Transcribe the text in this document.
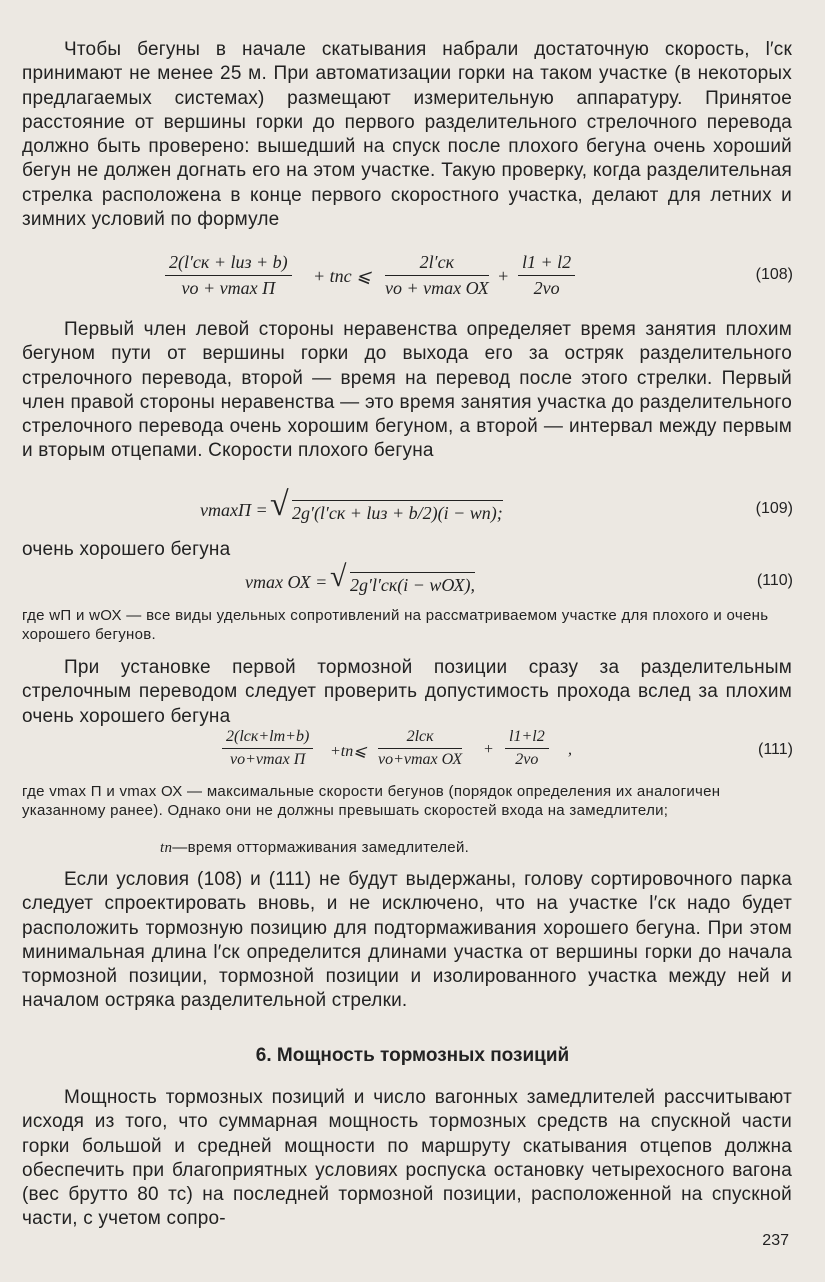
Чтобы бегуны в начале скатывания набрали достаточную скорость, l′ск принимают не менее 25 м. При автоматизации горки на таком участке (в некоторых предлагаемых системах) размещают измерительную аппаратуру. Принятое расстояние от вершины горки до первого разделительного стрелочного перевода должно быть проверено: вышедший на спуск после плохого бегуна очень хороший бегун не должен догнать его на этом участке. Такую проверку, когда разделительная стрелка расположена в конце первого скоростного участка, делают для летних и зимних условий по формуле

2(l′ск + lиз + b)
vо + vmax П
+ tпс ⩽
2l′ск
vо + vmax ОХ
+
l1 + l2
2vо
(108)

Первый член левой стороны неравенства определяет время занятия плохим бегуном пути от вершины горки до выхода его за остряк разделительного стрелочного перевода, второй — время на перевод после этого стрелки. Первый член правой стороны неравенства — это время занятия участка до разделительного стрелочного перевода очень хорошим бегуном, а второй — интервал между первым и вторым отцепами. Скорости плохого бегуна

vmaxП = √ 2g′(l′ск + lиз + b/2)(i − wп);	(109)

очень хорошего бегуна

vmax ОХ = √ 2g′l′ск(i − wОХ),	(110)
где wП и wОХ — все виды удельных сопротивлений на рассматриваемом участке для плохого и очень хорошего бегунов.

При установке первой тормозной позиции сразу за разделительным стрелочным переводом следует проверить допустимость прохода вслед за плохим очень хорошего бегуна

2(lск+lт+b)
vо+vmax П	+tп⩽
2lск
vо+vmax ОХ
+
l1+l2
2vо
,	(111)
где vmax П и vmax ОХ — максимальные скорости бегунов (порядок определения их аналогичен указанному ранее). Однако они не должны превышать скоростей входа на замедлители;
tп—время оттормаживания замедлителей.

Если условия (108) и (111) не будут выдержаны, голову сортировочного парка следует спроектировать вновь, и не исключено, что на участке l′ск надо будет расположить тормозную позицию для подтормаживания хорошего бегуна. При этом минимальная длина l′ск определится длинами участка от вершины горки до начала тормозной позиции, тормозной позиции и изолированного участка между ней и началом остряка разделительной стрелки.

6. Мощность тормозных позиций

Мощность тормозных позиций и число вагонных замедлителей рассчитывают исходя из того, что суммарная мощность тормозных средств на спускной части горки большой и средней мощности по маршруту скатывания отцепов должна обеспечить при благоприятных условиях роспуска остановку четырехосного вагона (вес брутто 80 тс) на последней тормозной позиции, расположенной на спускной части, с учетом сопро-

237
